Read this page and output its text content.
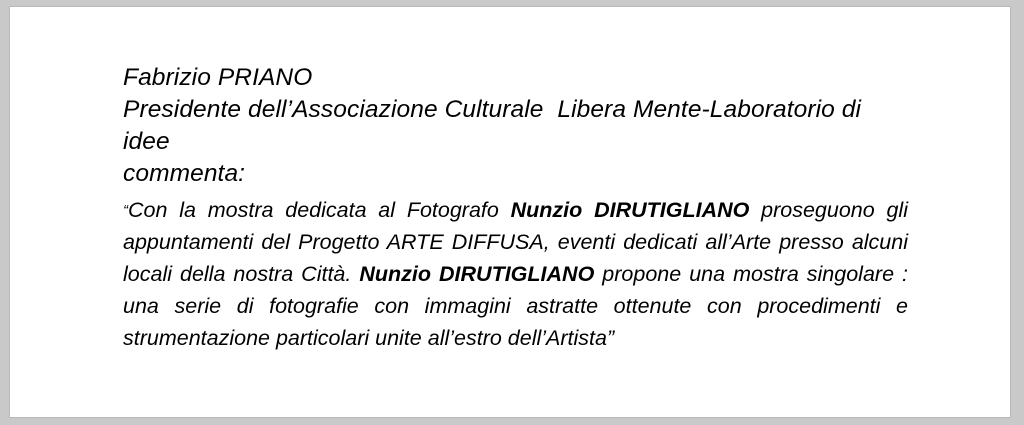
Fabrizio PRIANO
Presidente dell’Associazione Culturale  Libera Mente-Laboratorio di idee
commenta:

“Con la mostra dedicata al Fotografo Nunzio DIRUTIGLIANO proseguono gli appuntamenti del Progetto ARTE DIFFUSA, eventi dedicati all’Arte presso alcuni locali della nostra Città. Nunzio DIRUTIGLIANO propone una mostra singolare : una serie di fotografie con immagini astratte ottenute con procedimenti e strumentazione particolari unite all’estro dell’Artista”
